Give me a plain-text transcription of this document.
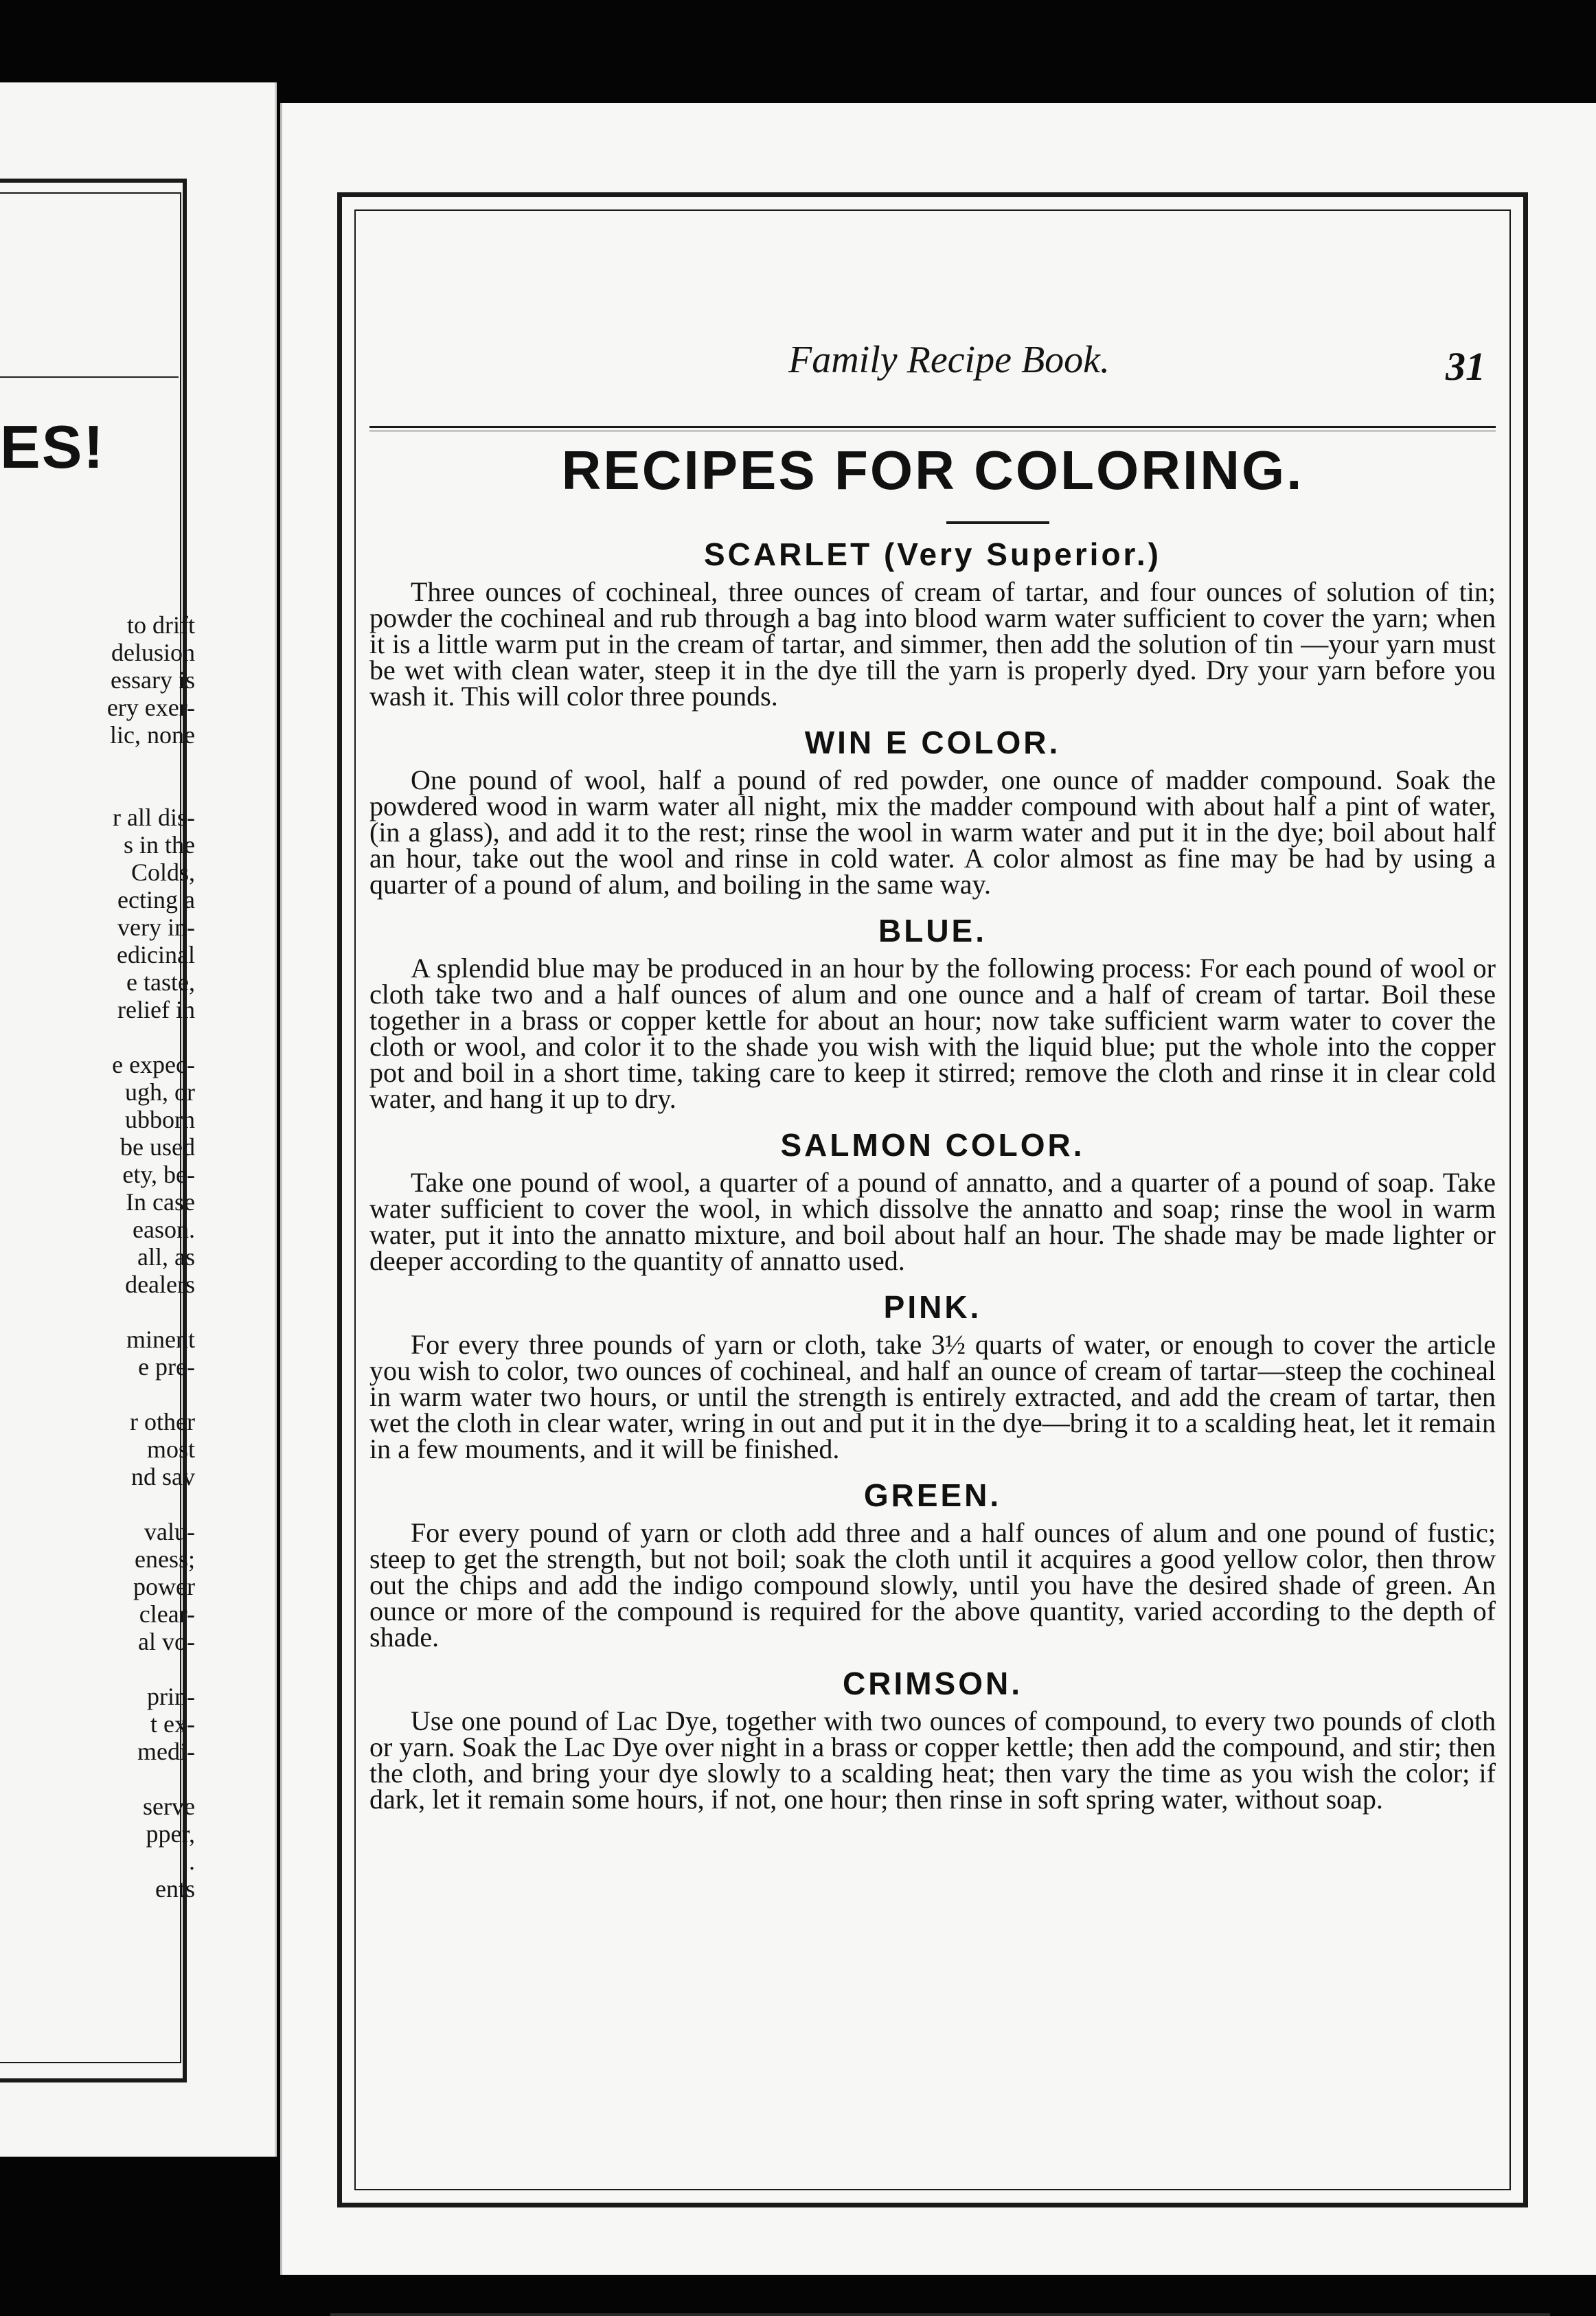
ES!
to drift
delusion
essary is
ery exer-
lic, none
r all dis-
s in the
Colds,
ecting a
very in-
edicinal
e taste,
relief in
e expec-
ugh, or
ubborn
be used
ety, be-
In case
eason.
all, as
dealers
minent
e pre-
r other
most
nd sav
valu-
eness;
power
clear-
al vo-
prin-
t ex-
medi-
serve
pper,
.
ents
Family Recipe Book.	31
RECIPES FOR COLORING.
SCARLET (Very Superior.)

Three ounces of cochineal, three ounces of cream of tartar, and four ounces of solution of tin; powder the cochineal and rub through a bag into blood warm water sufficient to cover the yarn; when it is a little warm put in the cream of tartar, and simmer, then add the solution of tin —your yarn must be wet with clean water, steep it in the dye till the yarn is properly dyed. Dry your yarn before you wash it. This will color three pounds.

WIN E COLOR.

One pound of wool, half a pound of red powder, one ounce of madder compound. Soak the powdered wood in warm water all night, mix the madder compound with about half a pint of water, (in a glass), and add it to the rest; rinse the wool in warm water and put it in the dye; boil about half an hour, take out the wool and rinse in cold water. A color almost as fine may be had by using a quarter of a pound of alum, and boiling in the same way.

BLUE.

A splendid blue may be produced in an hour by the following process: For each pound of wool or cloth take two and a half ounces of alum and one ounce and a half of cream of tartar. Boil these together in a brass or copper kettle for about an hour; now take sufficient warm water to cover the cloth or wool, and color it to the shade you wish with the liquid blue; put the whole into the copper pot and boil in a short time, taking care to keep it stirred; remove the cloth and rinse it in clear cold water, and hang it up to dry.

SALMON COLOR.

Take one pound of wool, a quarter of a pound of annatto, and a quarter of a pound of soap. Take water sufficient to cover the wool, in which dissolve the annatto and soap; rinse the wool in warm water, put it into the annatto mixture, and boil about half an hour. The shade may be made lighter or deeper according to the quantity of annatto used.

PINK.

For every three pounds of yarn or cloth, take 3½ quarts of water, or enough to cover the article you wish to color, two ounces of cochineal, and half an ounce of cream of tartar—steep the cochineal in warm water two hours, or until the strength is entirely extracted, and add the cream of tartar, then wet the cloth in clear water, wring in out and put it in the dye—bring it to a scalding heat, let it remain in a few moumen​ts, and it will be finished.

GREEN.

For every pound of yarn or cloth add three and a half ounces of alum and one pound of fustic; steep to get the strength, but not boil; soak the cloth until it acquires a good yellow color, then throw out the chips and add the indigo compound slowly, until you have the desired shade of green. An ounce or more of the compound is required for the above quantity, varied according to the depth of shade.

CRIMSON.

Use one pound of Lac Dye, together with two ounces of compound, to every two pounds of cloth or yarn. Soak the Lac Dye over night in a brass or copper kettle; then add the compound, and stir; then the cloth, and bring your dye slowly to a scalding heat; then vary the time as you wish the color; if dark, let it remain some hours, if not, one hour; then rinse in soft spring water, without soap.
